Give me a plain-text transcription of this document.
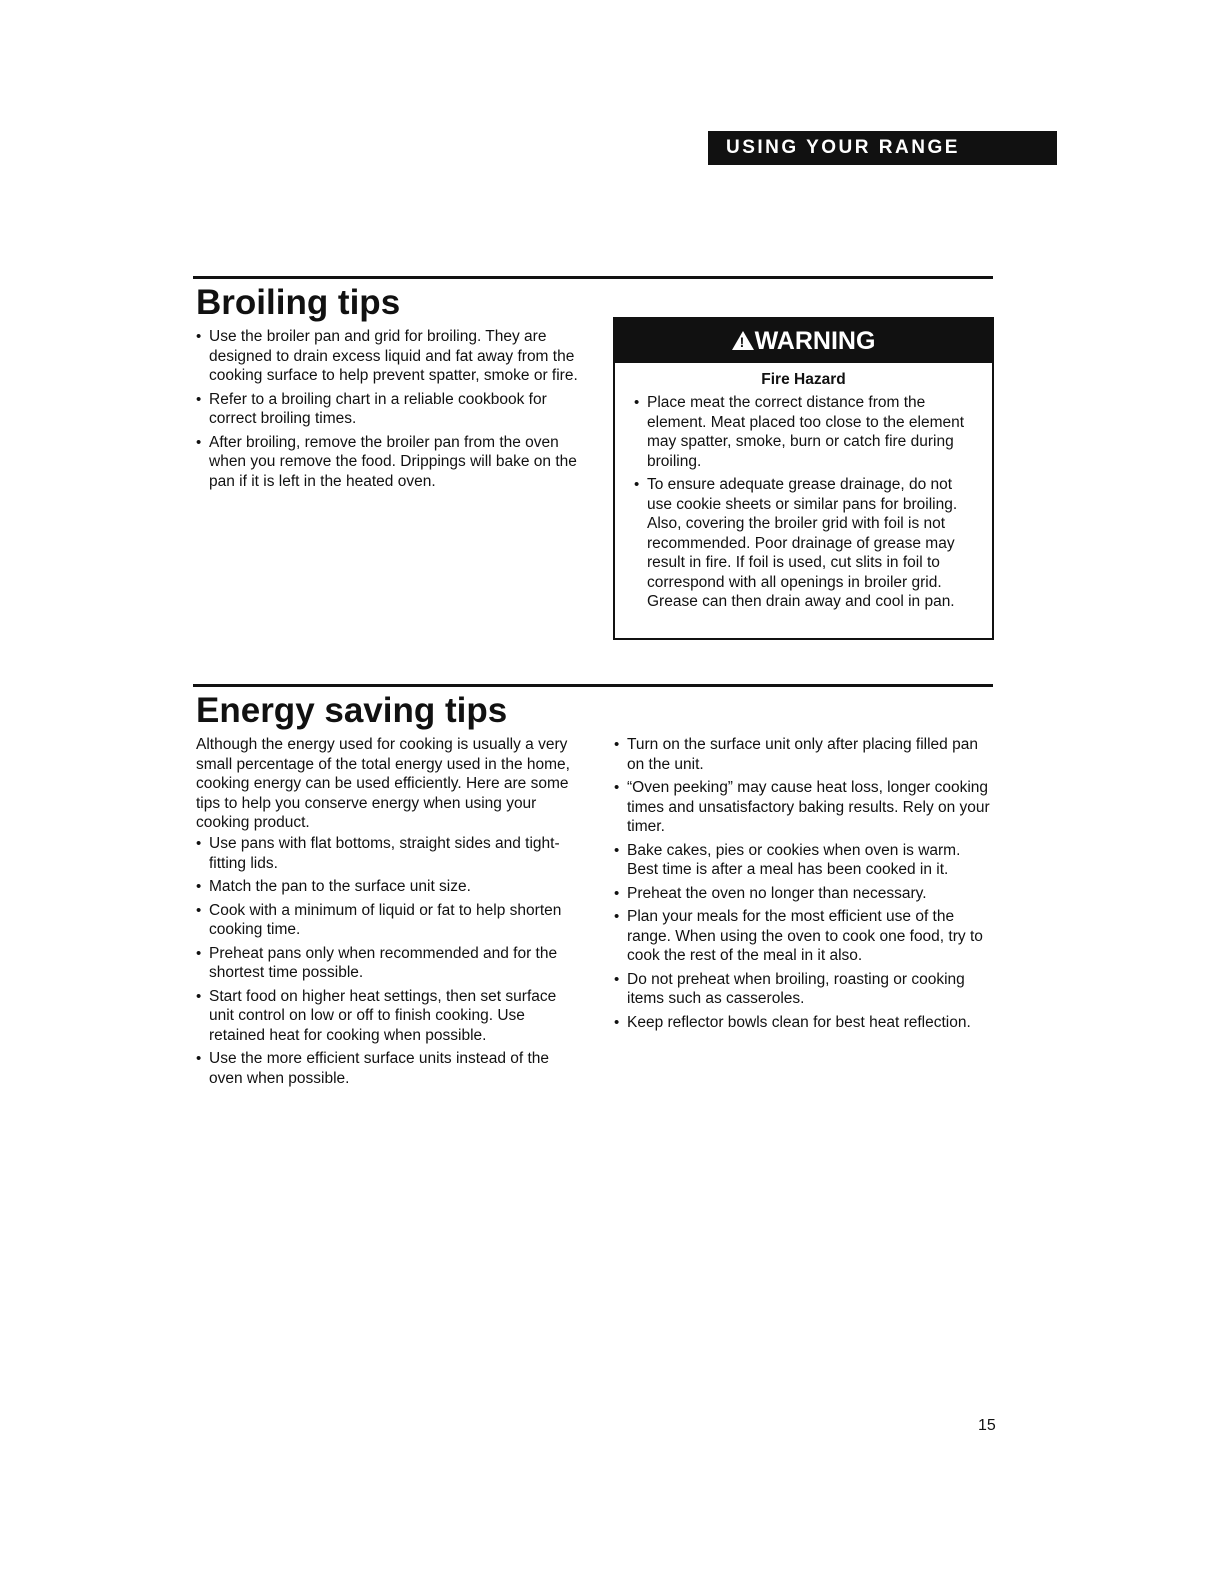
USING YOUR RANGE
Broiling tips
• Use the broiler pan and grid for broiling. They are designed to drain excess liquid and fat away from the cooking surface to help prevent spatter, smoke or fire.
• Refer to a broiling chart in a reliable cookbook for correct broiling times.
• After broiling, remove the broiler pan from the oven when you remove the food. Drippings will bake on the pan if it is left in the heated oven.
!WARNING
Fire Hazard
• Place meat the correct distance from the element. Meat placed too close to the element may spatter, smoke, burn or catch fire during broiling.
• To ensure adequate grease drainage, do not use cookie sheets or similar pans for broiling. Also, covering the broiler grid with foil is not recommended. Poor drainage of grease may result in fire. If foil is used, cut slits in foil to correspond with all openings in broiler grid. Grease can then drain away and cool in pan.
Energy saving tips

Although the energy used for cooking is usually a very small percentage of the total energy used in the home, cooking energy can be used efficiently. Here are some tips to help you conserve energy when using your cooking product.

• Use pans with flat bottoms, straight sides and tight-fitting lids.
• Match the pan to the surface unit size.
• Cook with a minimum of liquid or fat to help shorten cooking time.
• Preheat pans only when recommended and for the shortest time possible.
• Start food on higher heat settings, then set surface unit control on low or off to finish cooking. Use retained heat for cooking when possible.
• Use the more efficient surface units instead of the oven when possible.
• Turn on the surface unit only after placing filled pan on the unit.
• “Oven peeking” may cause heat loss, longer cooking times and unsatisfactory baking results. Rely on your timer.
• Bake cakes, pies or cookies when oven is warm. Best time is after a meal has been cooked in it.
• Preheat the oven no longer than necessary.
• Plan your meals for the most efficient use of the range. When using the oven to cook one food, try to cook the rest of the meal in it also.
• Do not preheat when broiling, roasting or cooking items such as casseroles.
• Keep reflector bowls clean for best heat reflection.
15
